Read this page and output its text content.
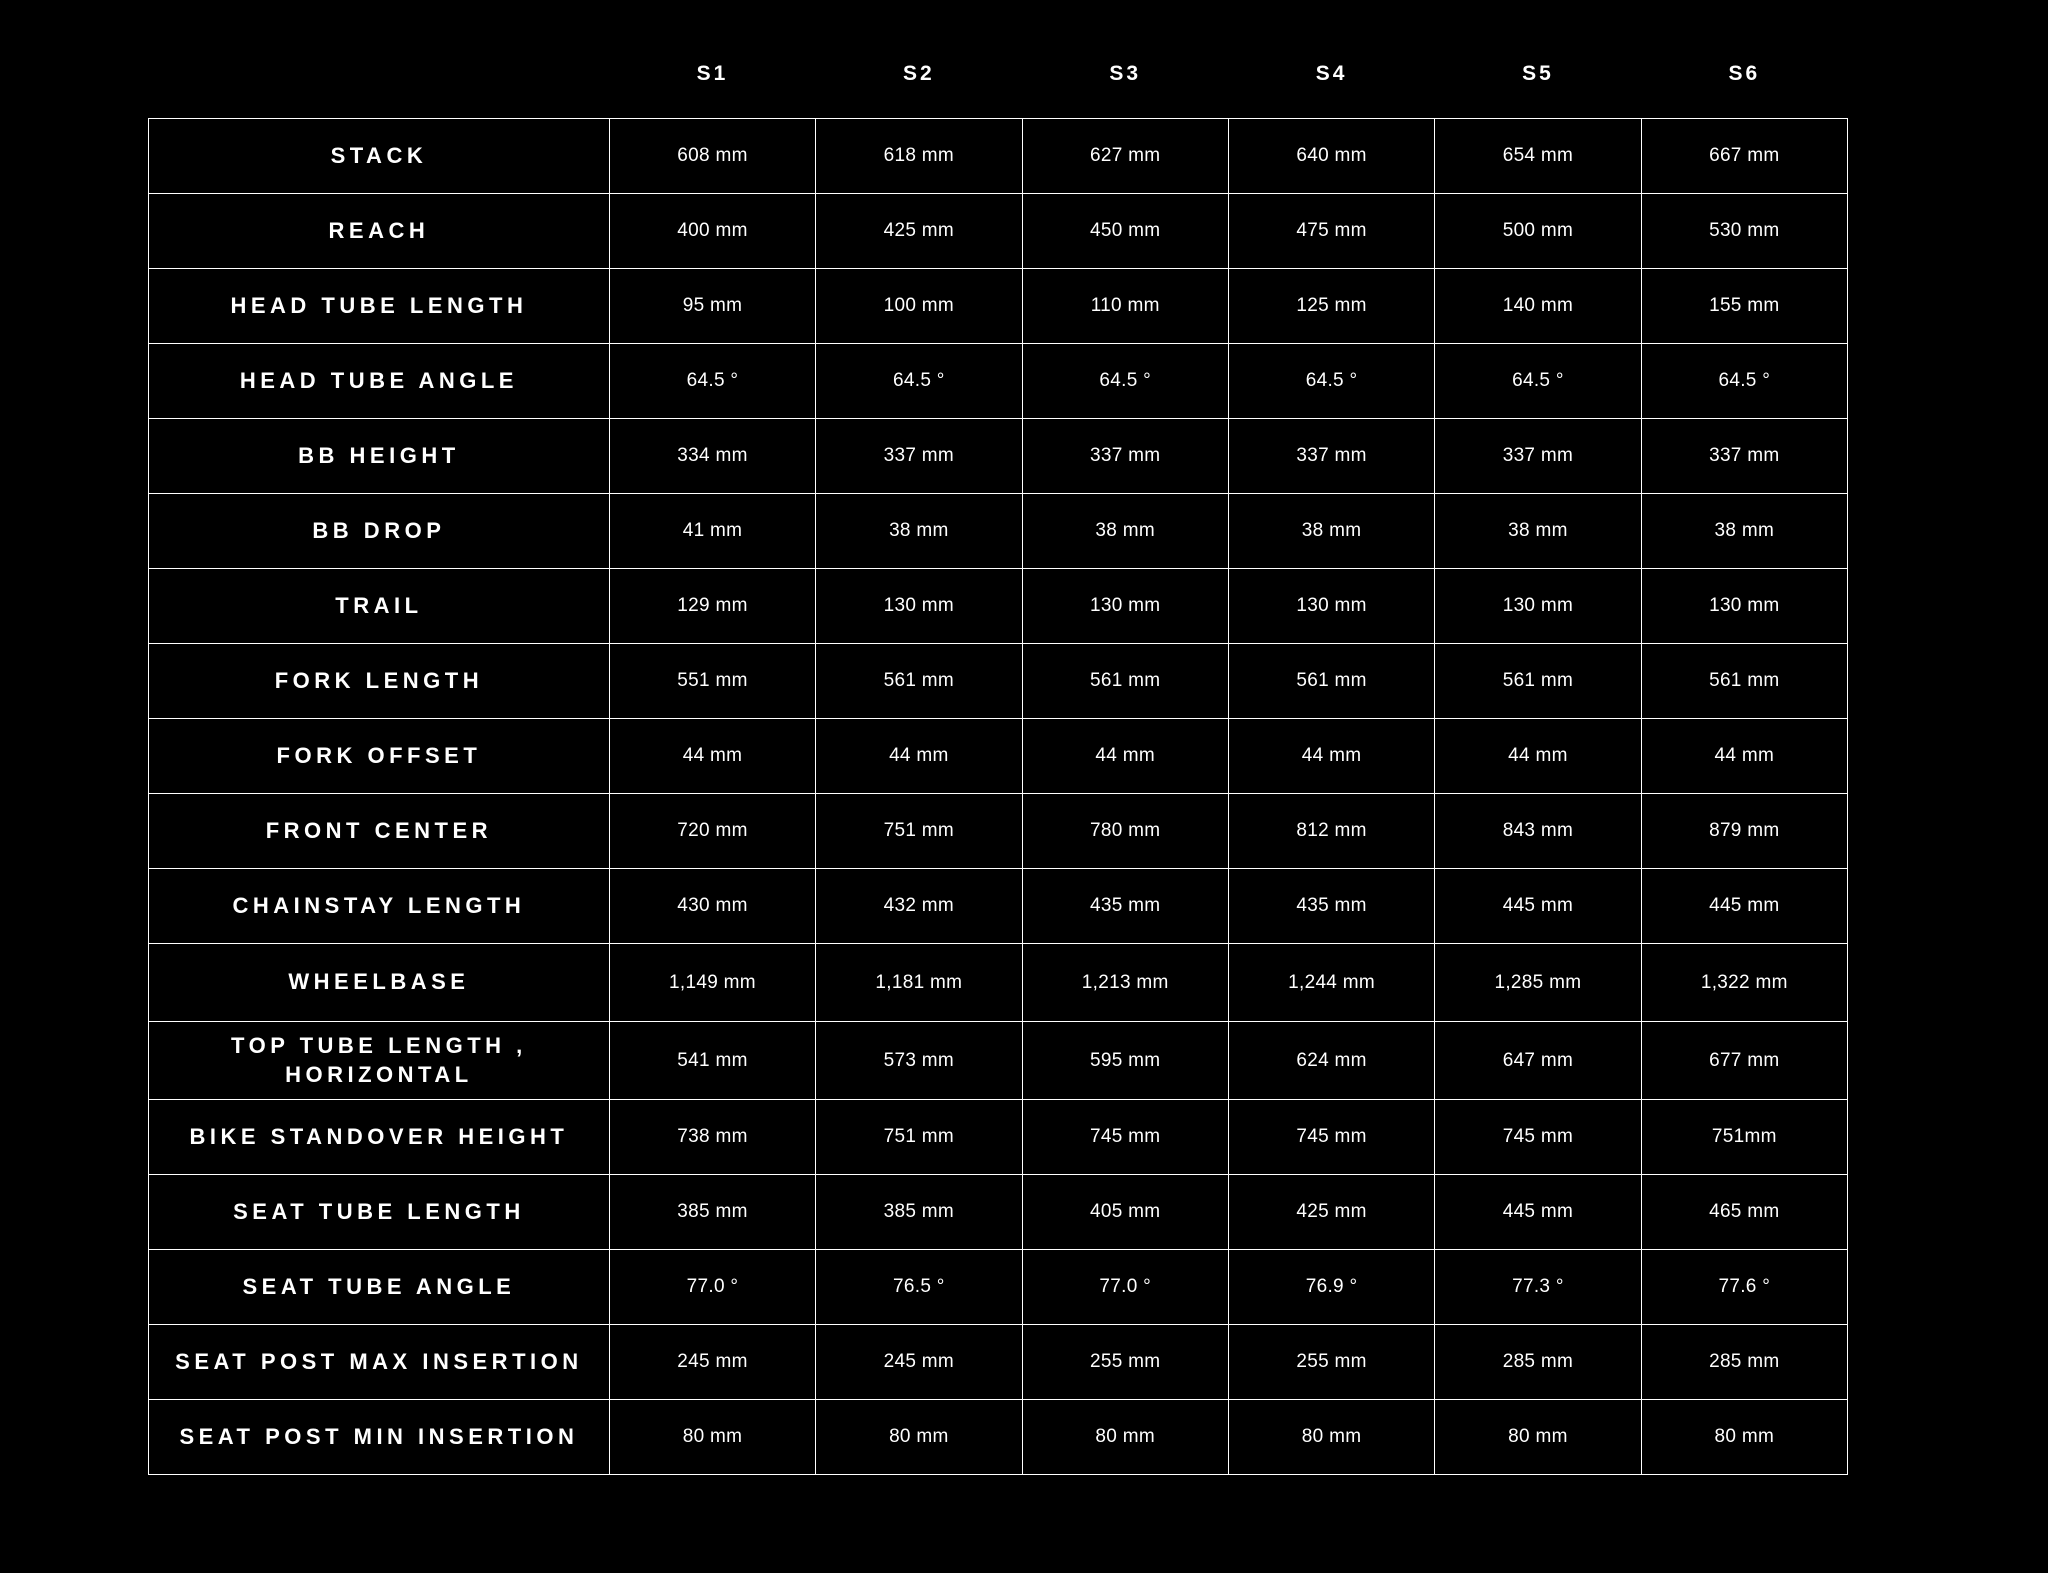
	S1	S2	S3	S4	S5	S6
STACK	608 mm	618 mm	627 mm	640 mm	654 mm	667 mm
REACH	400 mm	425 mm	450 mm	475 mm	500 mm	530 mm
HEAD TUBE LENGTH	95 mm	100 mm	110 mm	125 mm	140 mm	155 mm
HEAD TUBE ANGLE	64.5 °	64.5 °	64.5 °	64.5 °	64.5 °	64.5 °
BB HEIGHT	334 mm	337 mm	337 mm	337 mm	337 mm	337 mm
BB DROP	41 mm	38 mm	38 mm	38 mm	38 mm	38 mm
TRAIL	129 mm	130 mm	130 mm	130 mm	130 mm	130 mm
FORK LENGTH	551 mm	561 mm	561 mm	561 mm	561 mm	561 mm
FORK OFFSET	44 mm	44 mm	44 mm	44 mm	44 mm	44 mm
FRONT CENTER	720 mm	751 mm	780 mm	812 mm	843 mm	879 mm
CHAINSTAY LENGTH	430 mm	432 mm	435 mm	435 mm	445 mm	445 mm
WHEELBASE	1,149 mm	1,181 mm	1,213 mm	1,244 mm	1,285 mm	1,322 mm
TOP TUBE LENGTH , HORIZONTAL	541 mm	573 mm	595 mm	624 mm	647 mm	677 mm
BIKE STANDOVER HEIGHT	738 mm	751 mm	745 mm	745 mm	745 mm	751mm
SEAT TUBE LENGTH	385 mm	385 mm	405 mm	425 mm	445 mm	465 mm
SEAT TUBE ANGLE	77.0 °	76.5 °	77.0 °	76.9 °	77.3 °	77.6 °
SEAT POST MAX INSERTION	245 mm	245 mm	255 mm	255 mm	285 mm	285 mm
SEAT POST MIN INSERTION	80 mm	80 mm	80 mm	80 mm	80 mm	80 mm
